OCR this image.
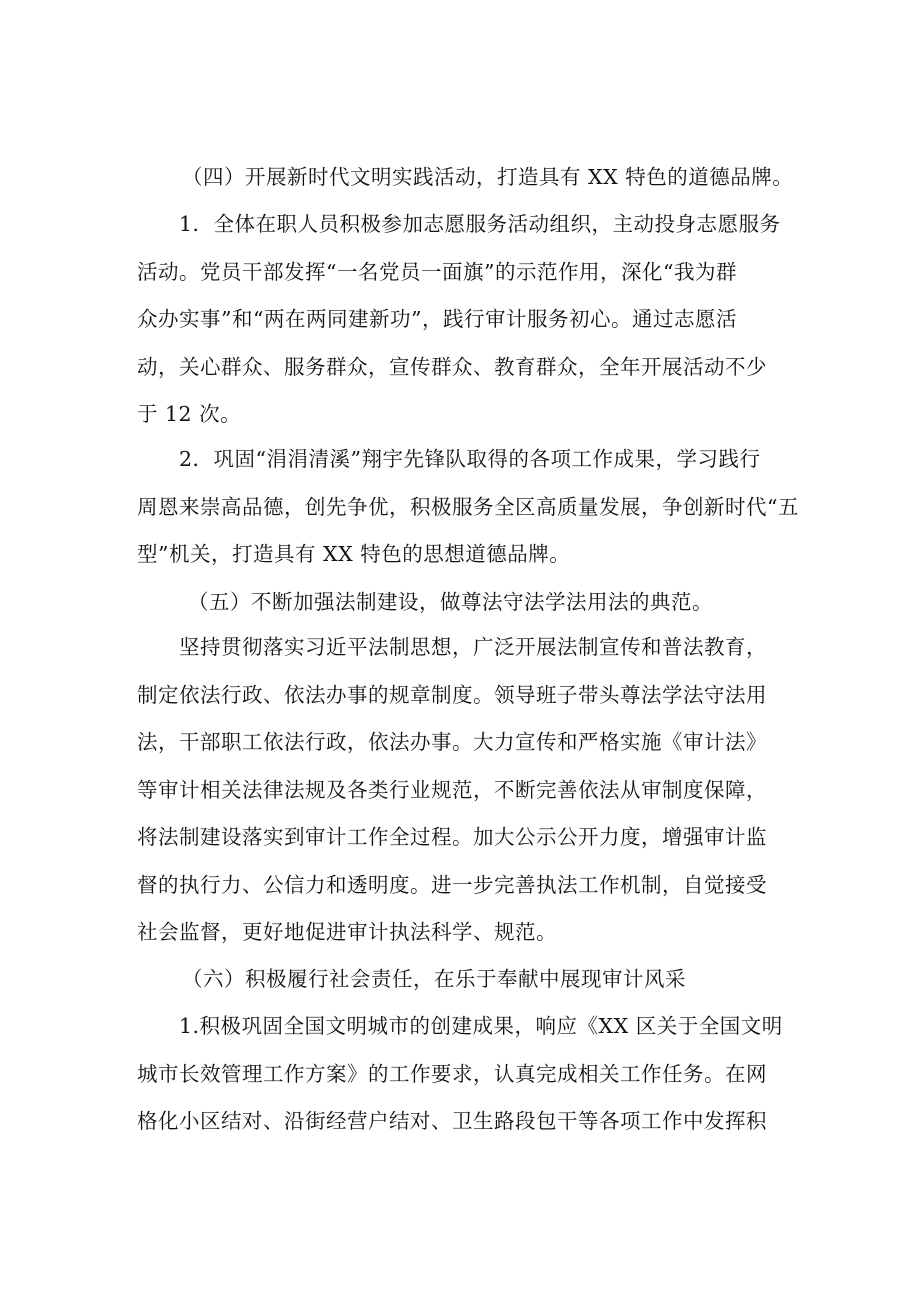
（四）开展新时代文明实践活动，打造具有 XX 特色的道德品牌。

1．全体在职人员积极参加志愿服务活动组织，主动投身志愿服务
活动。党员干部发挥“一名党员一面旗”的示范作用，深化“我为群
众办实事”和“两在两同建新功”，践行审计服务初心。通过志愿活
动，关心群众、服务群众，宣传群众、教育群众，全年开展活动不少
于 12 次。
2．巩固“涓涓清溪”翔宇先锋队取得的各项工作成果，学习践行
周恩来崇高品德，创先争优，积极服务全区高质量发展，争创新时代“五
型”机关，打造具有 XX 特色的思想道德品牌。

（五）不断加强法制建设，做尊法守法学法用法的典范。

坚持贯彻落实习近平法制思想，广泛开展法制宣传和普法教育，
制定依法行政、依法办事的规章制度。领导班子带头尊法学法守法用
法，干部职工依法行政，依法办事。大力宣传和严格实施《审计法》
等审计相关法律法规及各类行业规范，不断完善依法从审制度保障，
将法制建设落实到审计工作全过程。加大公示公开力度，增强审计监
督的执行力、公信力和透明度。进一步完善执法工作机制，自觉接受
社会监督，更好地促进审计执法科学、规范。

（六）积极履行社会责任，在乐于奉献中展现审计风采

1.积极巩固全国文明城市的创建成果，响应《XX 区关于全国文明
城市长效管理工作方案》的工作要求，认真完成相关工作任务。在网
格化小区结对、沿街经营户结对、卫生路段包干等各项工作中发挥积
